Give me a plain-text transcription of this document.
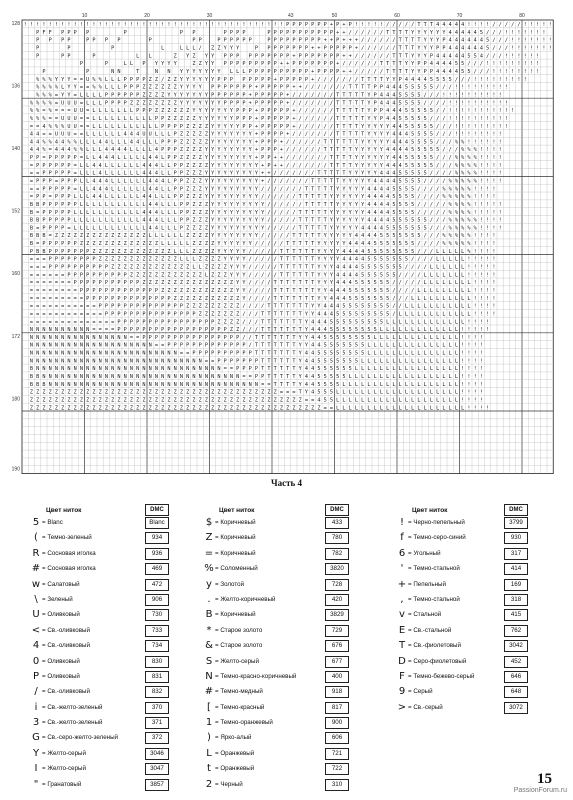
! ! ! ! ! ! ! ! ! ! ! ! ! ! ! ! ! ! ! ! ! ! ! ! ! ! ! ! ! ! ! ! ! ! ! ! ! ! ! ! ! ! P P P P P P P + P + P ! ! ! ! ! / / / / / T T T 4 4 4 4 4 ! ! ! ! / / / / / ! ! ! ! !
P F F P P P P	P	P P	P P P P	P P P P P P P P P P P + + / / / / / / T T T T Y Y Y Y Y Y 4 4 4 4 4 5 / / / ! ! ! ! ! ! !
P P P P	P P P P	P	P P	P P P P P P	P P P P P P P P P + + P + + + / / / / / / T T T T Y Y Y P 4 4 4 4 4 4 5 / / / ! ! ! ! ! ! !
P	P	P	L	L L L / Z Z Y Y Y	P P P P P P P P + + P P P P P + / / / / / / T T T Y Y Y P P 4 4 4 4 4 4 5 / / / ! ! ! ! ! ! !
P	P P	P	L L	Z Y Z Y Y P P P P P P P P P P + P P P P P P P + + / / / / / / T T T Y Y Y P 4 4 4 4 4 5 5 4 / / / ! ! ! ! ! !
P	P	L L P Y Y Y Y	Z Z Y Y P P P P P P P P P + + P P P P P P P + / / / / / / T T T T Y Y P P 4 4 4 4 5 5 / / / ! ! ! ! ! ! ! ! !
P	P	N N	T	N N Y Y Y Y Y Y Y L L L P P P P P P P P P P + P P P P + + / / / / / T T T T Y Y P P 4 4 4 4 5 5 / / / ! ! ! ! ! ! ! !
% % % Y Y Y = = U % % L L L P P P P Z Z / Z Z Y Y Y Y Y Y P P P P P P P P + P P P P P + / / / / / / / T T T T Y Y P 4 4 4 4 5 5 5 5 / / / ! ! ! ! ! ! ! ! !
% % % % L Y Y = = % % L L L P P P Z Z Z Z Z Z Y Y Y Y P P P P P P P + P P P P P + + / / / / / / / T T T T P P 4 4 4 5 5 5 5 5 / / / ! ! ! ! ! ! ! ! !
% % % = Y Y = L L L L P P P P P P Z Z Z Z Y Y Y Y Y Y Y P P P P P P + P P P P P + / / / / / / / T T T T T Y P 4 4 4 5 5 5 5 / / / ! ! ! ! ! ! ! ! ! !
% % % % = U U U = L L L P P P P Z Z Z Z Z Z Z Z Y Y Y Y Y Y Y P P P P + P P P P P + / / / / / / / T T T T T Y P 4 4 4 5 5 5 5 / / / / ! ! ! ! ! ! ! ! ! !
% % = % = = = U U = L L L L L L L P P P Z Z Z Z Z Z Y Y Y Y Y Y Y P P P + P P P P P + / / / / / / T T T T T Y P P 4 4 4 5 5 5 5 5 / / ! ! ! ! ! ! ! ! ! ! !
% % % = = U U U = = L L L L L L L L L L P P Z Z Z Z Z Y Y Y Y Y Y P P P + P P P P P + / / / / / / T T T T T Y Y P 4 4 5 5 5 5 5 / / / ! ! ! ! ! ! ! ! ! !
= = 4 % % % U U = = L L L L L L L L L L L P P P P Z Z Z Z Y Y Y Y Y P P + P P P P P + / / / / / / T T T T Y Y Y Y Y 4 4 5 5 5 5 5 / / / ! ! ! ! ! ! ! ! !
4 4 = = U U U = = L L L L L L 4 4 4 U U L L L P Z Z Z Z Z Y Y Y Y Y Y Y + P P P P + / / / / / / / T T T T T Y Y Y Y 4 4 4 5 5 5 5 / / / ! ! ! ! ! ! ! !
4 4 % % 4 4 % % L L L 4 4 L L L 4 4 L L L P P P Z Z Z Z Z Y Y Y Y Y Y Y + P P P + / / / / / / T T T T T T Y Y Y Y Y 4 4 4 5 5 5 5 / / / % % ! ! ! ! ! !
4 4 % = 4 4 4 % % L L L 4 4 4 4 L L L L 4 P P P Z Z Z Z Y Y Y Y Y Y Y Y + P P P + / / / / / / T T T T T Y Y Y Y Y 4 4 4 4 5 5 5 5 5 / / / % % % ! ! ! !
P P = P P P P P = L L 4 4 4 L L L L L 4 4 L P P Z Z Z Z Y Y Y Y Y Y Y Y + P P + + / / / / / / / T T T T Y Y Y Y Y Y 4 4 5 5 5 5 5 / / / % % % % ! ! ! !
= P P P P P P = L L 4 4 L L L L L L 4 4 4 L L P P Z Z Z Z Y Y Y Y Y Y Y Y + P + + / / / / / / / T T T T Y Y Y Y Y 4 4 4 5 5 5 5 5 / / / % % % % ! ! ! !
= = P P P P P = L L L 4 L L L L L L 4 4 4 L L P P Z Z Z Y Y Y Y Y Y Y Y Y + + / / / / / / / T T T T T Y Y Y Y Y 4 4 4 5 5 5 5 5 / / / / % % % % ! ! ! !
= P P P = P P P L L 4 4 4 L L L L L L 4 4 4 L P P Z Z Z Y Y Y Y Y Y Y Y Y + / / / / / / / T T T T T Y Y Y Y Y 4 4 4 4 5 5 5 5 / / / / % % % % % ! ! ! !
= = P P P P P = L L 4 4 4 L L L L L L 4 4 L L P P Z Z Z Y Y Y Y Y Y Y Y Y / / / / / / / T T T T T Y Y Y Y Y 4 4 4 4 5 5 5 5 / / / / % % % % % ! ! ! !
= P P = P P P L L L 4 4 L L L L L L 4 4 L L L P P Z Z Z Y Y Y Y Y Y Y Y Y / / / / / / T T T T T Y Y Y Y Y Y 4 4 4 4 5 5 5 5 / / / / % % % % % ! ! ! !
B B P P P P P P L L L L L L L L L L L 4 4 L L L P P Z Z Z Y Y Y Y Y Y Y Y Y / / / / / / T T T T T Y Y Y Y Y 4 4 4 4 5 5 5 5 / / / / / % % % % ! ! ! ! !
B = P P P P P L L L L L L L L L L L 4 4 4 L L L P P Z Z Z Y Y Y Y Y Y Y Y Y / / / / / T T T T T Y Y Y Y Y Y 4 4 4 4 5 5 5 5 / / / / / % % % % ! ! ! ! !
B B P P P P P L L L L L L L L L L L 4 4 4 L L L P P Z Z Z Y Y Y Y Y Y Y Y Y / / / / / T T T T T Y Y Y Y Y Y 4 4 4 4 5 5 5 5 5 5 / / / % % % % % ! ! ! !
B = P P P P = L L L L L L L L L L L L 4 4 L L L P Z Z Z Z Y Y Y Y Y Y Y Y Y / / / / / T T T T T Y Y Y Y Y 4 4 4 4 5 5 5 5 5 5 5 / / / % % % % % ! ! ! !
B B B = Z Z Z Z Z Z Z Z Z Z Z Z Z Z Z L L L L L L Z Z Z Z Y Y Y Y Y Y Y Y / / / / / T T T T T Y Y Y Y Y 4 4 4 4 5 5 5 5 5 5 5 / / / % % % % % ! ! ! !
B = P P P P P P Z Z Z Z Z Z Z Z Z Z Z Z Z L L L L L Z Z Z Z Y Y Y Y Y Y / / / / / T T T T T Y Y Y Y Y 4 4 4 4 5 5 5 5 5 5 5 / / / / % % % % % ! ! ! !
P B B P P P P P P P Z Z Z Z Z Z Z Z Z Z Z Z Z L L L Z Z Z Z Y Y Y Y Y / / / / / T T T T T T Y Y Y Y 4 4 4 4 5 5 5 5 5 5 5 5 / / / L L L L L % ! ! ! !
= = = P P P P P P P P Z Z Z Z Z Z Z Z Z Z Z Z Z L L L Z Z Z Z Y Y Y Y / / / / / T T T T T T Y Y Y Y 4 4 4 4 5 5 5 5 5 5 5 / / / / L L L L L ! ! ! ! !
= = = P P P P P P P P P P Z Z Z Z Z Z Z Z Z Z Z Z Z L L Z Z Z Z Y Y Y / / / / / T T T T T T Y Y Y 4 4 4 4 5 5 5 5 5 5 5 / / / / L L L L L L ! ! ! ! !
= = = = = = P P P P P P P P P P Z Z Z Z Z Z Z Z Z Z Z Z L Z Z Z Y Y Y / / / / / T T T T T T Y Y Y 4 4 4 4 5 5 5 5 5 5 / / / / L L L L L L L ! ! ! ! !
= = = = = = = P P P P P P P P P P P Z Z Z Z Z Z Z Z Z Z Z Z Z Z Z Y Y / / / / T T T T T T T Y Y Y 4 4 4 5 5 5 5 5 5 / / / / / L L L L L L L L ! ! ! !
= = = = = = = = P P P P P P P P P P P P P Z Z Z Z Z Z Z Z Z Z Z Z Y Y / / / / T T T T T T T Y Y 4 4 4 5 5 5 5 5 5 5 / / / / L L L L L L L L L ! ! ! !
= = = = = = = = = P P P P P P P P P P P P P P Z Z Z Z Z Z Z Z Z Z Z Y / / / / T T T T T T T Y Y 4 4 4 5 5 5 5 5 5 5 / / / L L L L L L L L L L ! ! ! !
= = = = = = = = = = = P P P P P P P P P P P P P P Z Z Z Z Z Z Z Z Z / / / / T T T T T T T Y Y 4 4 4 5 5 5 5 5 5 5 5 / / L L L L L L L L L L L ! ! ! !
= = = = = = = = = = = = P P P P P P P P P P P P P P P Z Z Z Z Z Z Z / / / T T T T T T T Y Y 4 4 4 5 5 5 5 5 5 5 5 5 / L L L L L L L L L L L L ! ! ! !
= = = = = = = = = = = = = = P P P P P P P P P P P P P P P P Z Z Z Z / / / T T T T T T T Y 4 4 4 5 5 5 5 5 5 5 5 5 L L L L L L L L L L L L L ! ! ! !
N N N N N N N N N N = = = = P P P P P P P P P P P P P P P P P P Z Z / / / T T T T T T T Y 4 4 4 5 5 5 5 5 5 5 5 L L L L L L L L L L L L L ! ! ! ! !
N N N N N N N N N N N N N N N N = = P P P P P P P P P P P P P P P P / / T T T T T T T Y Y 4 4 5 5 5 5 5 5 5 5 L L L L L L L L L L L L L L ! ! ! !
N N N N N N N N N N N N N N N N N N N N = = P P P P P P P P P P P P P / T T T T T T T Y Y 4 4 5 5 5 5 5 5 5 L L L L L L L L L L L L L L L ! ! ! !
N N N N N N N N N N N N N N N N N N N N N N N N = = P P P P P P P P P P T T T T T T T Y 4 4 5 5 5 5 5 5 5 5 L L L L L L L L L L L L L L L ! ! ! !
N N N N N N N N N N N N N N N N N N N N N N N N N N N N = = P P P P P P P T T T T T T Y 4 4 5 5 5 5 5 5 5 L L L L L L L L L L L L L L L L ! ! ! !
B N N N N N N N N N N N N N N N N N N N N N N N N N N N N N N = = P P P P T T T T T T Y 4 4 5 5 5 5 5 5 L L L L L L L L L L L L L L L L L ! ! ! !
B B N N N N N N N N N N N N N N N N N N N N N N N N N N N N N N N N = = P P T T T T T Y 4 4 5 5 5 5 5 L L L L L L L L L L L L L L L L L L ! ! ! !
B B B N N N N N N N N N N N N N N N N N N N N N N N N N N N N N N N N N N = = T T T T Y 4 4 5 5 5 5 L L L L L L L L L L L L L L L L L L L ! ! ! !
Z Z Z Z Z Z Z Z Z Z Z Z Z Z Z Z Z Z Z Z Z Z Z Z Z Z Z Z Z Z Z Z Z Z Z Z Z Z Z Z = = = T Y 4 5 5 5 L L L L L L L L L L L L L L L L L L L L ! ! ! !
Z Z Z Z Z Z Z Z Z Z Z Z Z Z Z Z Z Z Z Z Z Z Z Z Z Z Z Z Z Z Z Z Z Z Z Z Z Z Z Z Z Z Z Z = = 4 5 5 L L L L L L L L L L L L L L L L L L L L ! ! ! !
Z Z Z Z Z Z Z Z Z Z Z Z Z Z Z Z Z Z Z Z Z Z Z Z Z Z Z Z Z Z Z Z Z Z Z Z Z Z Z Z Z Z Z Z Z Z Z = = L L L L L L L L L L L L L L L L L L L L L ! ! ! !
128
136
140
152
160
172
180
190
10	20	30	43	50	60	70	80
Часть 4
Цвет ниток	DMC
5 = Blanc	Blanc
( = Темно-зеленый	934
R = Сосновая иголка	936
# = Сосновая иголка	469
w = Салатовый	472
\ = Зеленый	906
U = Оливковый	730
< = Св.-оливковый	733
4 = Св.-оливковый	734
0 = Оливковый	830
P = Оливковый	831
/ = Св.-оливковый	832
i = Св.-желто-зеленый	370
3 = Св.-желто-зеленый	371
G = Св.-серо-желто-зеленый	372
Y = Желто-серый	3046
I = Желто-серый	3047
" = Гранатовый	3857
Цвет ниток	DMC
$ = Коричневый	433
Z = Коричневый	780
= = Коричневый	782
% = Соломенный	3820
y = Золотой	728
. = Желто-коричневый	420
B = Коричневый	3829
* = Старое золото	729
& = Старое золото	676
S = Желто-серый	677
N = Темно-красно-коричневый	400
# = Темно-медный	918
[ = Темно-красный	817
1 = Темно-оранжевый	900
) = Ярко-алый	606
L = Оранжевый	721
t = Оранжевый	722
2 = Черный	310
Цвет ниток	DMC
! = Черно-пепельный	3799
f = Темно-серо-синий	930
6 = Угольный	317
' = Темно-стальной	414
+ = Пепельный	169
, = Темно-стальной	318
v = Стальной	415
E = Св.-стальной	762
T = Св.-фиолетовый	3042
D = Серо-фиолетовый	452
F = Темно-бежево-серый	646
9 = Серый	648
> = Св.-серый	3072
15
PassionForum.ru
